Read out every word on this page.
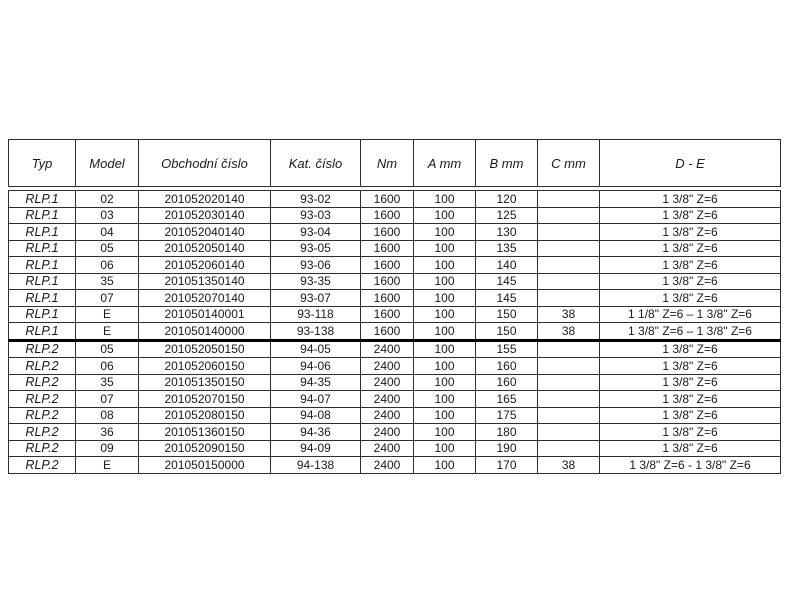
Typ	Model	Obchodní číslo	Kat. číslo	Nm	A mm	B mm	C mm	D - E
RLP.1	02	201052020140	93-02	1600	100	120		1 3/8" Z=6
RLP.1	03	201052030140	93-03	1600	100	125		1 3/8" Z=6
RLP.1	04	201052040140	93-04	1600	100	130		1 3/8" Z=6
RLP.1	05	201052050140	93-05	1600	100	135		1 3/8" Z=6
RLP.1	06	201052060140	93-06	1600	100	140		1 3/8" Z=6
RLP.1	35	201051350140	93-35	1600	100	145		1 3/8" Z=6
RLP.1	07	201052070140	93-07	1600	100	145		1 3/8" Z=6
RLP.1	E	201050140001	93-118	1600	100	150	38	1 1/8" Z=6 – 1 3/8" Z=6
RLP.1	E	201050140000	93-138	1600	100	150	38	1 3/8" Z=6 – 1 3/8" Z=6
RLP.2	05	201052050150	94-05	2400	100	155		1 3/8" Z=6
RLP.2	06	201052060150	94-06	2400	100	160		1 3/8" Z=6
RLP.2	35	201051350150	94-35	2400	100	160		1 3/8" Z=6
RLP.2	07	201052070150	94-07	2400	100	165		1 3/8" Z=6
RLP.2	08	201052080150	94-08	2400	100	175		1 3/8" Z=6
RLP.2	36	201051360150	94-36	2400	100	180		1 3/8" Z=6
RLP.2	09	201052090150	94-09	2400	100	190		1 3/8" Z=6
RLP.2	E	201050150000	94-138	2400	100	170	38	1 3/8" Z=6 - 1 3/8" Z=6
